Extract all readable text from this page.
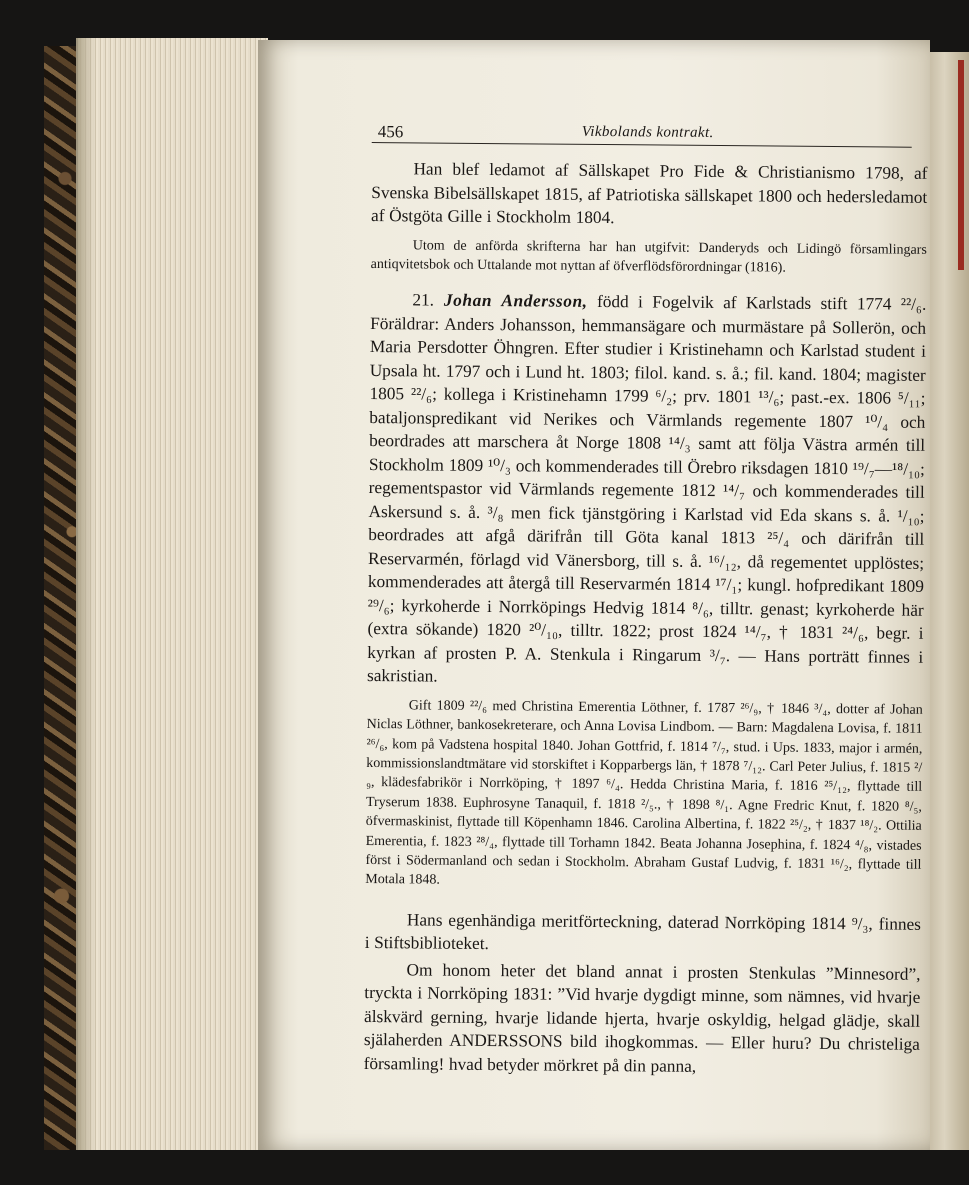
456	Vikbolands kontrakt.

Han blef ledamot af Sällskapet Pro Fide & Christianismo 1798, af Svenska Bibelsällskapet 1815, af Patriotiska sällskapet 1800 och hedersledamot af Östgöta Gille i Stockholm 1804.

Utom de anförda skrifterna har han utgifvit: Danderyds och Lidingö församlingars antiqvitetsbok och Uttalande mot nyttan af öfverflödsförordningar (1816).

21. Johan Andersson, född i Fogelvik af Karlstads stift 1774 ²²/₆. Föräldrar: Anders Johansson, hemmansägare och murmästare på Sollerön, och Maria Persdotter Öhngren. Efter studier i Kristinehamn och Karlstad student i Upsala ht. 1797 och i Lund ht. 1803; filol. kand. s. å.; fil. kand. 1804; magister 1805 ²²/₆; kollega i Kristinehamn 1799 ⁶/₂; prv. 1801 ¹³/₆; past.-ex. 1806 ⁵/₁₁; bataljonspredikant vid Nerikes och Värmlands regemente 1807 ¹⁰/₄ och beordrades att marschera åt Norge 1808 ¹⁴/₃ samt att följa Västra armén till Stockholm 1809 ¹⁰/₃ och kommenderades till Örebro riksdagen 1810 ¹⁹/₇—¹⁸/₁₀; regementspastor vid Värmlands regemente 1812 ¹⁴/₇ och kommenderades till Askersund s. å. ³/₈ men fick tjänstgöring i Karlstad vid Eda skans s. å. ¹/₁₀; beordrades att afgå därifrån till Göta kanal 1813 ²⁵/₄ och därifrån till Reservarmén, förlagd vid Vänersborg, till s. å. ¹⁶/₁₂, då regementet upplöstes; kommenderades att återgå till Reservarmén 1814 ¹⁷/₁; kungl. hofpredikant 1809 ²⁹/₆; kyrkoherde i Norrköpings Hedvig 1814 ⁸/₆, tilltr. genast; kyrkoherde här (extra sökande) 1820 ²⁰/₁₀, tilltr. 1822; prost 1824 ¹⁴/₇, † 1831 ²⁴/₆, begr. i kyrkan af prosten P. A. Stenkula i Ringarum ³/₇. — Hans porträtt finnes i sakristian.

Gift 1809 ²²/₆ med Christina Emerentia Löthner, f. 1787 ²⁶/₉, † 1846 ³/₄, dotter af Johan Niclas Löthner, bankosekreterare, och Anna Lovisa Lindbom. — Barn: Magdalena Lovisa, f. 1811 ²⁶/₆, kom på Vadstena hospital 1840. Johan Gottfrid, f. 1814 ⁷/₇, stud. i Ups. 1833, major i armén, kommissionslandtmätare vid storskiftet i Kopparbergs län, † 1878 ⁷/₁₂. Carl Peter Julius, f. 1815 ²/₉, klädesfabrikör i Norrköping, † 1897 ⁶/₄. Hedda Christina Maria, f. 1816 ²⁵/₁₂, flyttade till Tryserum 1838. Euphrosyne Tanaquil, f. 1818 ²/₅., † 1898 ⁸/₁. Agne Fredric Knut, f. 1820 ⁸/₅, öfvermaskinist, flyttade till Köpenhamn 1846. Carolina Albertina, f. 1822 ²⁵/₂, † 1837 ¹⁸/₂. Ottilia Emerentia, f. 1823 ²⁸/₄, flyttade till Torhamn 1842. Beata Johanna Josephina, f. 1824 ⁴/₈, vistades först i Södermanland och sedan i Stockholm. Abraham Gustaf Ludvig, f. 1831 ¹⁶/₂, flyttade till Motala 1848.

Hans egenhändiga meritförteckning, daterad Norrköping 1814 ⁹/₃, finnes i Stiftsbiblioteket.

Om honom heter det bland annat i prosten Stenkulas ”Minnesord”, tryckta i Norrköping 1831: ”Vid hvarje dygdigt minne, som nämnes, vid hvarje älskvärd gerning, hvarje lidande hjerta, hvarje oskyldig, helgad glädje, skall själaherden ANDERSSONS bild ihogkommas. — Eller huru? Du christeliga församling! hvad betyder mörkret på din panna,
